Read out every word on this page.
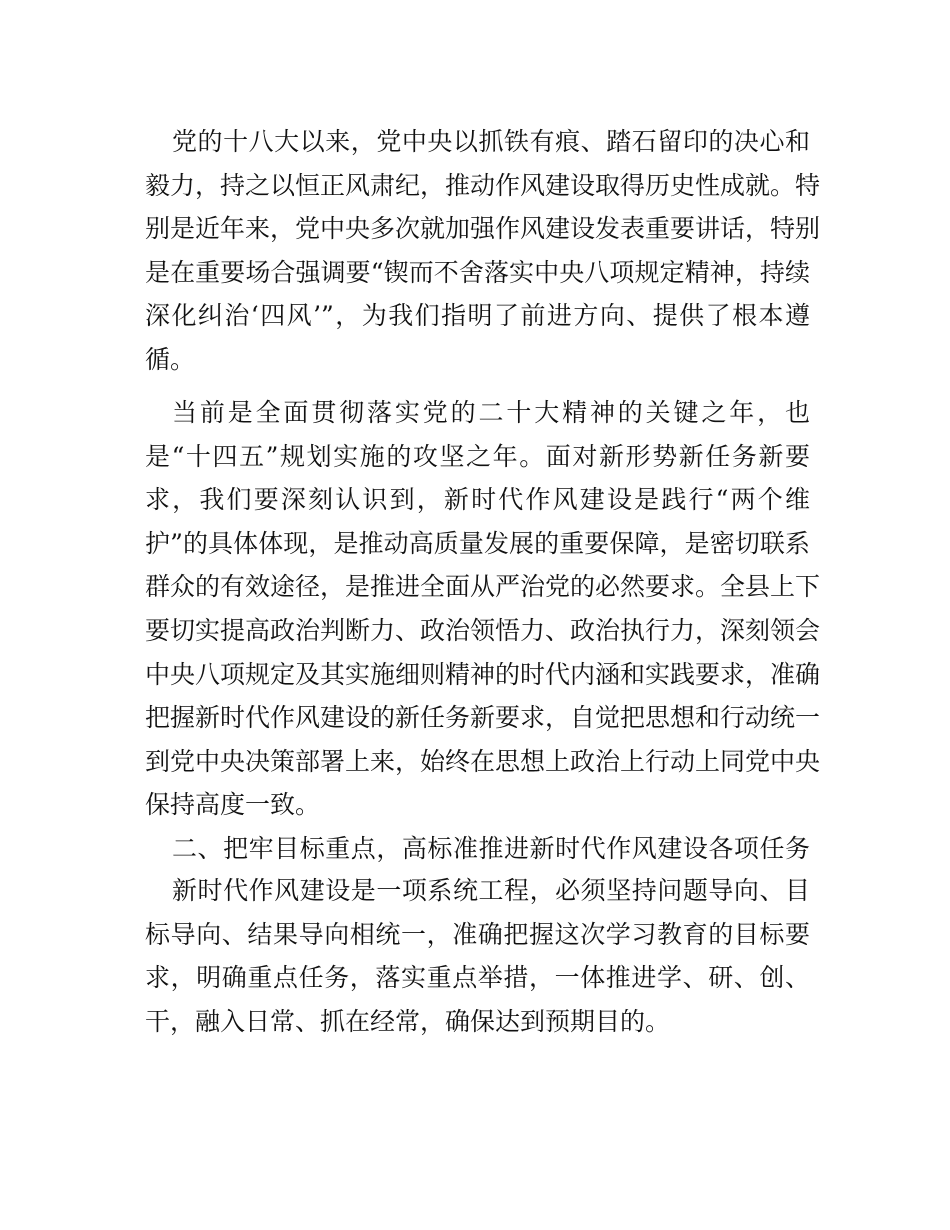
党的十八大以来，党中央以抓铁有痕、踏石留印的决心和
毅力，持之以恒正风肃纪，推动作风建设取得历史性成就。特
别是近年来，党中央多次就加强作风建设发表重要讲话，特别
是在重要场合强调要“锲而不舍落实中央八项规定精神，持续
深化纠治‘四风’”，为我们指明了前进方向、提供了根本遵
循。
当前是全面贯彻落实党的二十大精神的关键之年，也
是“十四五”规划实施的攻坚之年。面对新形势新任务新要
求，我们要深刻认识到，新时代作风建设是践行“两个维
护”的具体体现，是推动高质量发展的重要保障，是密切联系
群众的有效途径，是推进全面从严治党的必然要求。全县上下
要切实提高政治判断力、政治领悟力、政治执行力，深刻领会
中央八项规定及其实施细则精神的时代内涵和实践要求，准确
把握新时代作风建设的新任务新要求，自觉把思想和行动统一
到党中央决策部署上来，始终在思想上政治上行动上同党中央
保持高度一致。
二、把牢目标重点，高标准推进新时代作风建设各项任务
新时代作风建设是一项系统工程，必须坚持问题导向、目
标导向、结果导向相统一，准确把握这次学习教育的目标要
求，明确重点任务，落实重点举措，一体推进学、研、创、
干，融入日常、抓在经常，确保达到预期目的。
